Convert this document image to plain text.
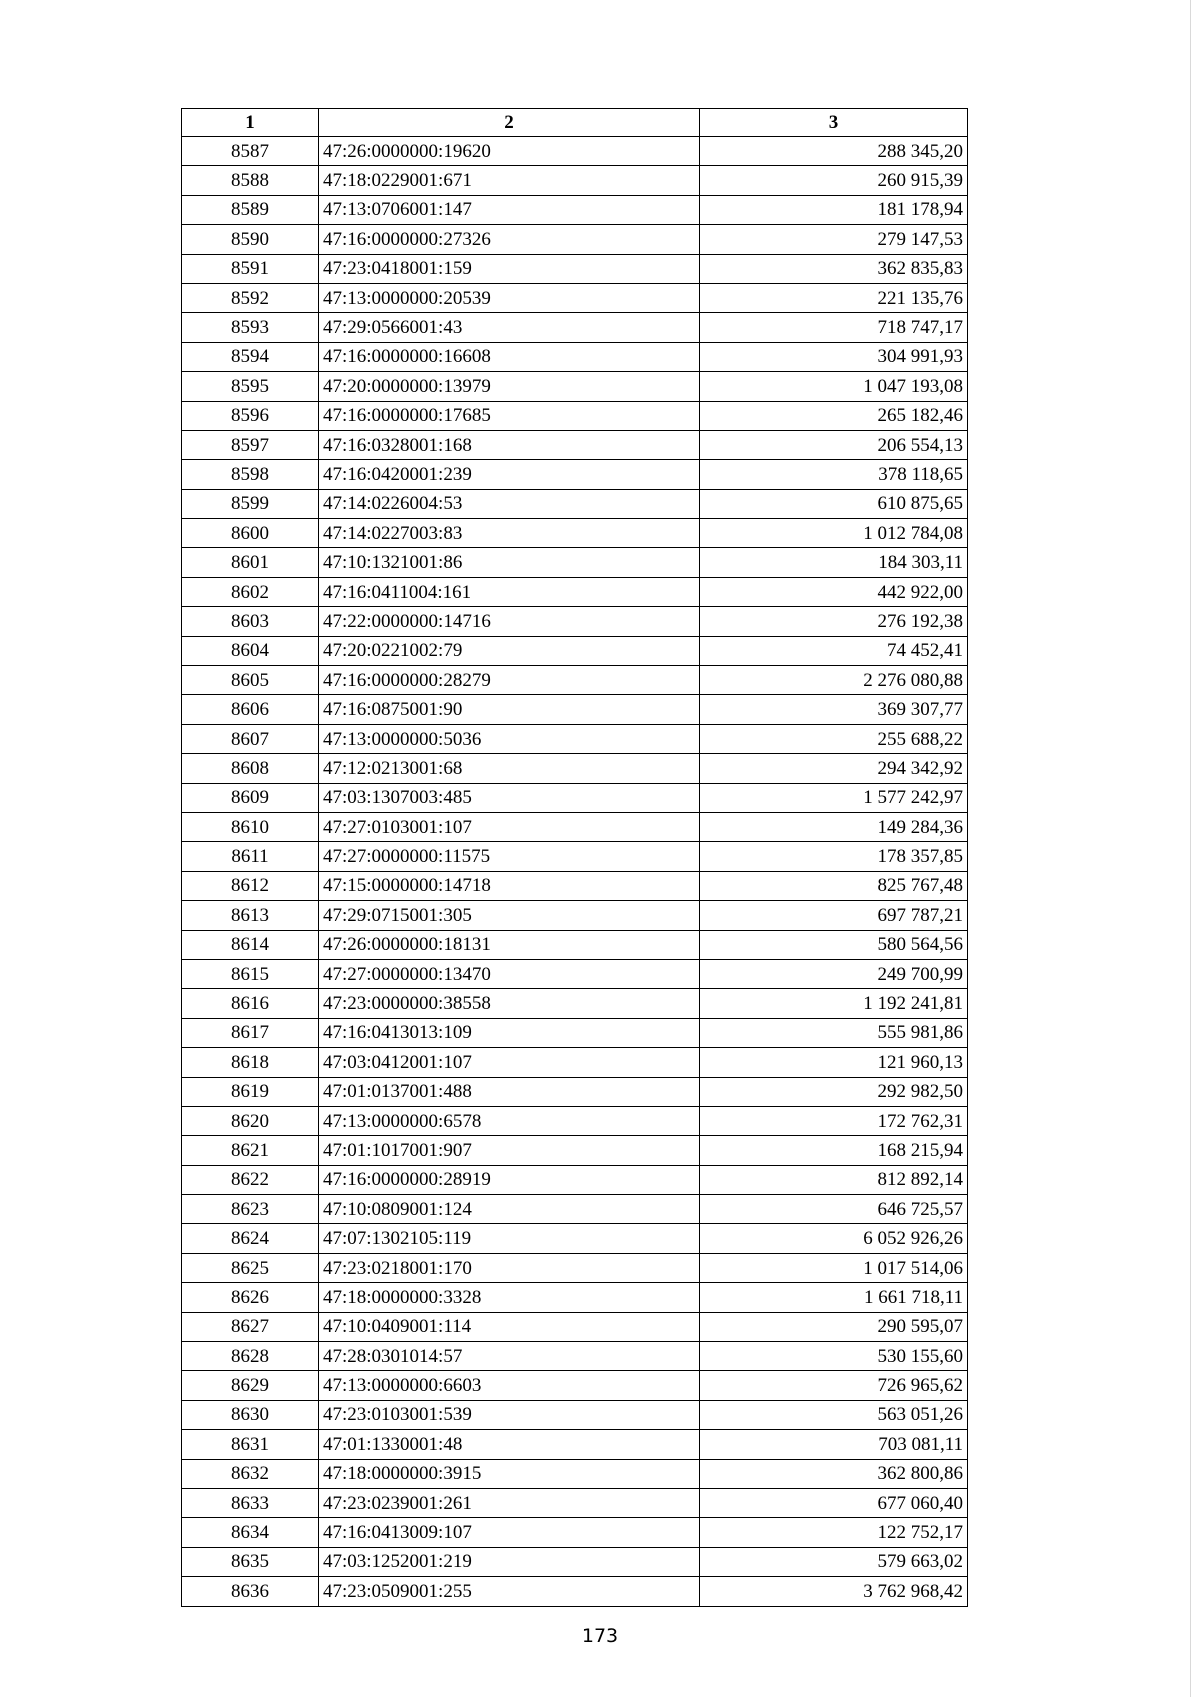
1	2	3
8587	47:26:0000000:19620	288 345,20
8588	47:18:0229001:671	260 915,39
8589	47:13:0706001:147	181 178,94
8590	47:16:0000000:27326	279 147,53
8591	47:23:0418001:159	362 835,83
8592	47:13:0000000:20539	221 135,76
8593	47:29:0566001:43	718 747,17
8594	47:16:0000000:16608	304 991,93
8595	47:20:0000000:13979	1 047 193,08
8596	47:16:0000000:17685	265 182,46
8597	47:16:0328001:168	206 554,13
8598	47:16:0420001:239	378 118,65
8599	47:14:0226004:53	610 875,65
8600	47:14:0227003:83	1 012 784,08
8601	47:10:1321001:86	184 303,11
8602	47:16:0411004:161	442 922,00
8603	47:22:0000000:14716	276 192,38
8604	47:20:0221002:79	74 452,41
8605	47:16:0000000:28279	2 276 080,88
8606	47:16:0875001:90	369 307,77
8607	47:13:0000000:5036	255 688,22
8608	47:12:0213001:68	294 342,92
8609	47:03:1307003:485	1 577 242,97
8610	47:27:0103001:107	149 284,36
8611	47:27:0000000:11575	178 357,85
8612	47:15:0000000:14718	825 767,48
8613	47:29:0715001:305	697 787,21
8614	47:26:0000000:18131	580 564,56
8615	47:27:0000000:13470	249 700,99
8616	47:23:0000000:38558	1 192 241,81
8617	47:16:0413013:109	555 981,86
8618	47:03:0412001:107	121 960,13
8619	47:01:0137001:488	292 982,50
8620	47:13:0000000:6578	172 762,31
8621	47:01:1017001:907	168 215,94
8622	47:16:0000000:28919	812 892,14
8623	47:10:0809001:124	646 725,57
8624	47:07:1302105:119	6 052 926,26
8625	47:23:0218001:170	1 017 514,06
8626	47:18:0000000:3328	1 661 718,11
8627	47:10:0409001:114	290 595,07
8628	47:28:0301014:57	530 155,60
8629	47:13:0000000:6603	726 965,62
8630	47:23:0103001:539	563 051,26
8631	47:01:1330001:48	703 081,11
8632	47:18:0000000:3915	362 800,86
8633	47:23:0239001:261	677 060,40
8634	47:16:0413009:107	122 752,17
8635	47:03:1252001:219	579 663,02
8636	47:23:0509001:255	3 762 968,42
173
